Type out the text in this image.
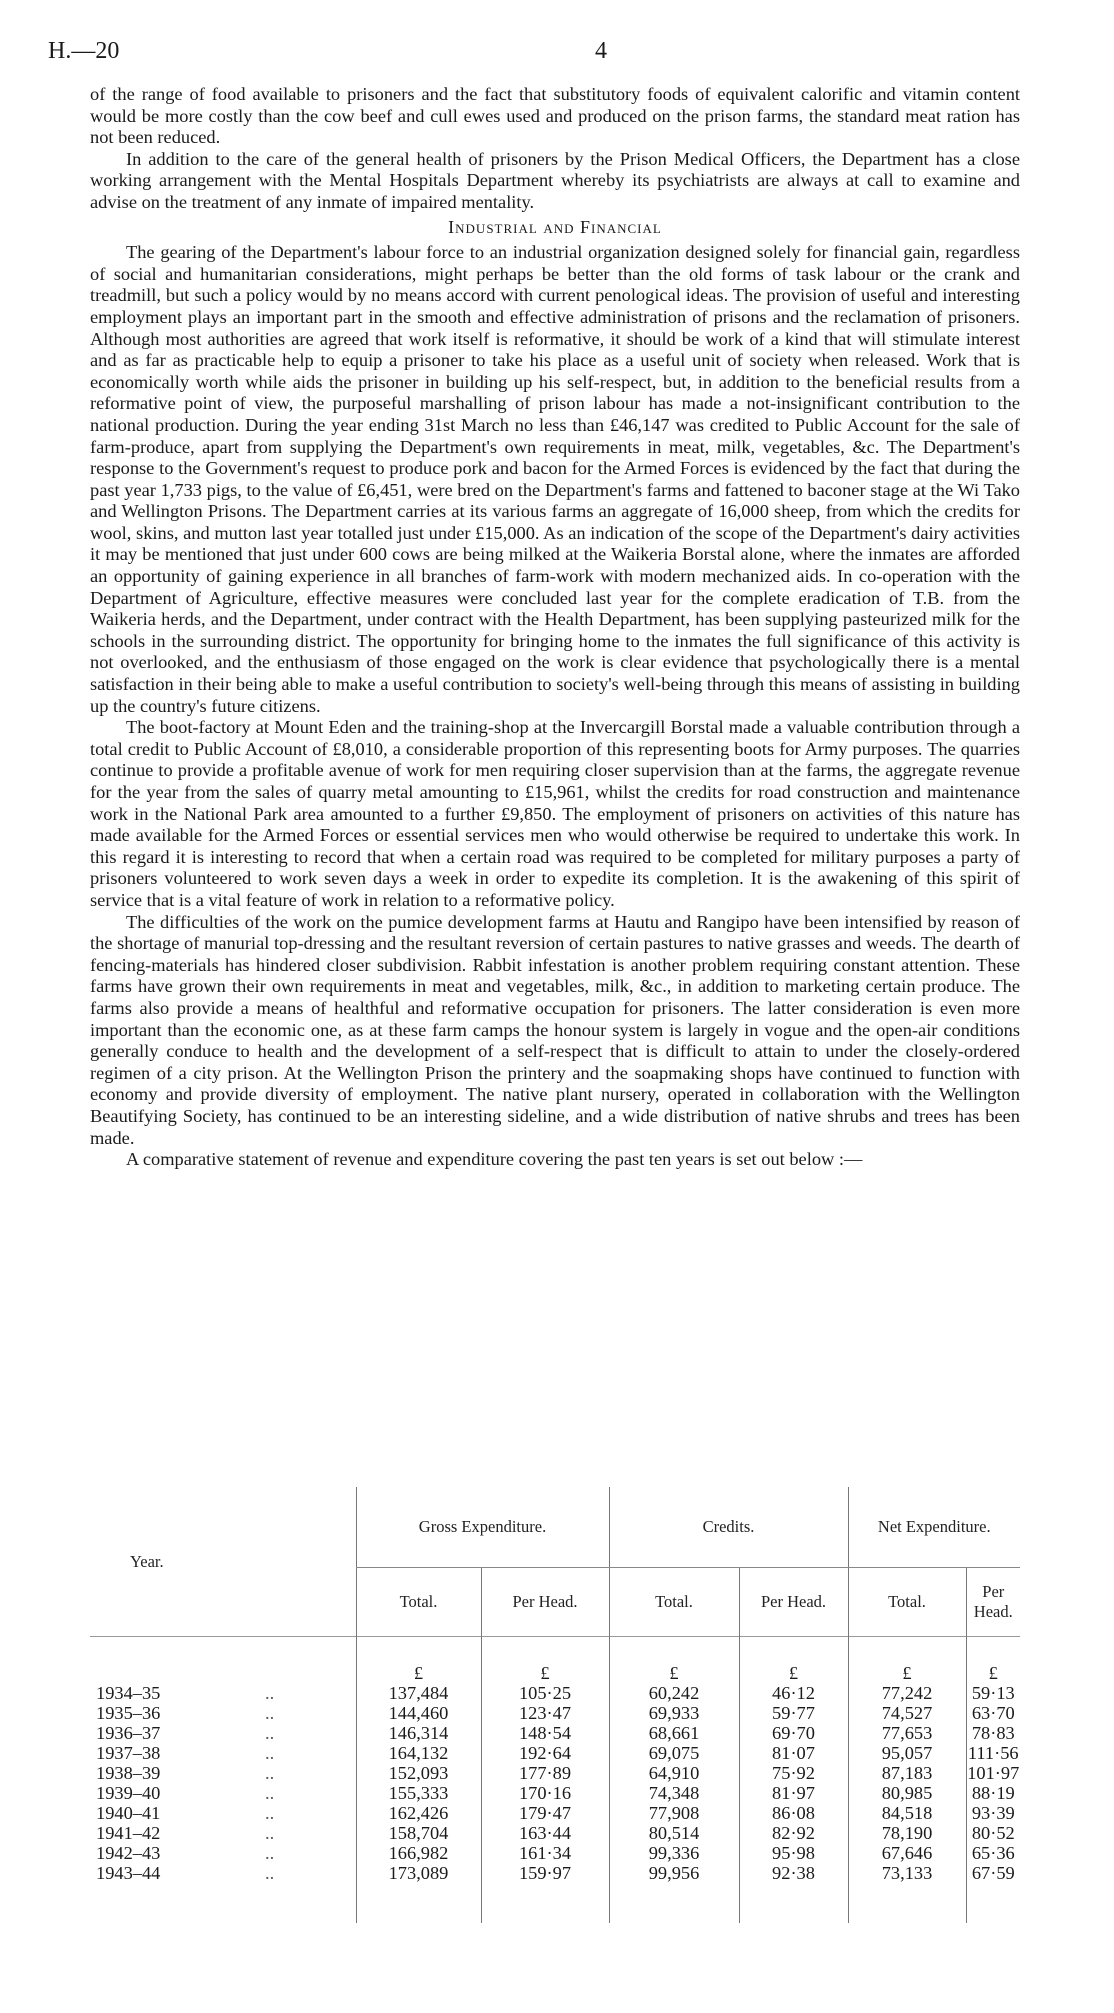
H.—20	4

of the range of food available to prisoners and the fact that substitutory foods of equivalent calorific and vitamin content would be more costly than the cow beef and cull ewes used and produced on the prison farms, the standard meat ration has not been reduced.

In addition to the care of the general health of prisoners by the Prison Medical Officers, the Department has a close working arrangement with the Mental Hospitals Department whereby its psychiatrists are always at call to examine and advise on the treatment of any inmate of impaired mentality.

Industrial and Financial

The gearing of the Department's labour force to an industrial organization designed solely for financial gain, regardless of social and humanitarian considerations, might perhaps be better than the old forms of task labour or the crank and treadmill, but such a policy would by no means accord with current penological ideas. The provision of useful and interesting employment plays an important part in the smooth and effective administration of prisons and the reclamation of prisoners. Although most authorities are agreed that work itself is reformative, it should be work of a kind that will stimulate interest and as far as practicable help to equip a prisoner to take his place as a useful unit of society when released. Work that is economically worth while aids the prisoner in building up his self-respect, but, in addition to the beneficial results from a reformative point of view, the purposeful marshalling of prison labour has made a not-insignificant contribution to the national production. During the year ending 31st March no less than £46,147 was credited to Public Account for the sale of farm-produce, apart from supplying the Department's own requirements in meat, milk, vegetables, &c. The Department's response to the Government's request to produce pork and bacon for the Armed Forces is evidenced by the fact that during the past year 1,733 pigs, to the value of £6,451, were bred on the Department's farms and fattened to baconer stage at the Wi Tako and Wellington Prisons. The Department carries at its various farms an aggregate of 16,000 sheep, from which the credits for wool, skins, and mutton last year totalled just under £15,000. As an indication of the scope of the Department's dairy activities it may be mentioned that just under 600 cows are being milked at the Waikeria Borstal alone, where the inmates are afforded an opportunity of gaining experience in all branches of farm-work with modern mechanized aids. In co-operation with the Department of Agriculture, effective measures were concluded last year for the complete eradication of T.B. from the Waikeria herds, and the Department, under contract with the Health Department, has been supplying pasteurized milk for the schools in the surrounding district. The opportunity for bringing home to the inmates the full significance of this activity is not overlooked, and the enthusiasm of those engaged on the work is clear evidence that psychologically there is a mental satisfaction in their being able to make a useful contribution to society's well-being through this means of assisting in building up the country's future citizens.

The boot-factory at Mount Eden and the training-shop at the Invercargill Borstal made a valuable contribution through a total credit to Public Account of £8,010, a considerable proportion of this representing boots for Army purposes. The quarries continue to provide a profitable avenue of work for men requiring closer supervision than at the farms, the aggregate revenue for the year from the sales of quarry metal amounting to £15,961, whilst the credits for road construction and maintenance work in the National Park area amounted to a further £9,850. The employment of prisoners on activities of this nature has made available for the Armed Forces or essential services men who would otherwise be required to undertake this work. In this regard it is interesting to record that when a certain road was required to be completed for military purposes a party of prisoners volunteered to work seven days a week in order to expedite its completion. It is the awakening of this spirit of service that is a vital feature of work in relation to a reformative policy.

The difficulties of the work on the pumice development farms at Hautu and Rangipo have been intensified by reason of the shortage of manurial top-dressing and the resultant reversion of certain pastures to native grasses and weeds. The dearth of fencing-materials has hindered closer subdivision. Rabbit infestation is another problem requiring constant attention. These farms have grown their own requirements in meat and vegetables, milk, &c., in addition to marketing certain produce. The farms also provide a means of healthful and reformative occupation for prisoners. The latter consideration is even more important than the economic one, as at these farm camps the honour system is largely in vogue and the open-air conditions generally conduce to health and the development of a self-respect that is difficult to attain to under the closely-ordered regimen of a city prison. At the Wellington Prison the printery and the soapmaking shops have continued to function with economy and provide diversity of employment. The native plant nursery, operated in collaboration with the Wellington Beautifying Society, has continued to be an interesting sideline, and a wide distribution of native shrubs and trees has been made.

A comparative statement of revenue and expenditure covering the past ten years is set out below :—

Year.		Gross Expenditure.		Credits.		Net Expenditure.	
		Total.	Per Head.	Total.	Per Head.	Total.	Per Head.
		£	£	£	£	£	£
1934–35	..	137,484	105·25	60,242	46·12	77,242	59·13
1935–36	..	144,460	123·47	69,933	59·77	74,527	63·70
1936–37	..	146,314	148·54	68,661	69·70	77,653	78·83
1937–38	..	164,132	192·64	69,075	81·07	95,057	111·56
1938–39	..	152,093	177·89	64,910	75·92	87,183	101·97
1939–40	..	155,333	170·16	74,348	81·97	80,985	88·19
1940–41	..	162,426	179·47	77,908	86·08	84,518	93·39
1941–42	..	158,704	163·44	80,514	82·92	78,190	80·52
1942–43	..	166,982	161·34	99,336	95·98	67,646	65·36
1943–44	..	173,089	159·97	99,956	92·38	73,133	67·59
